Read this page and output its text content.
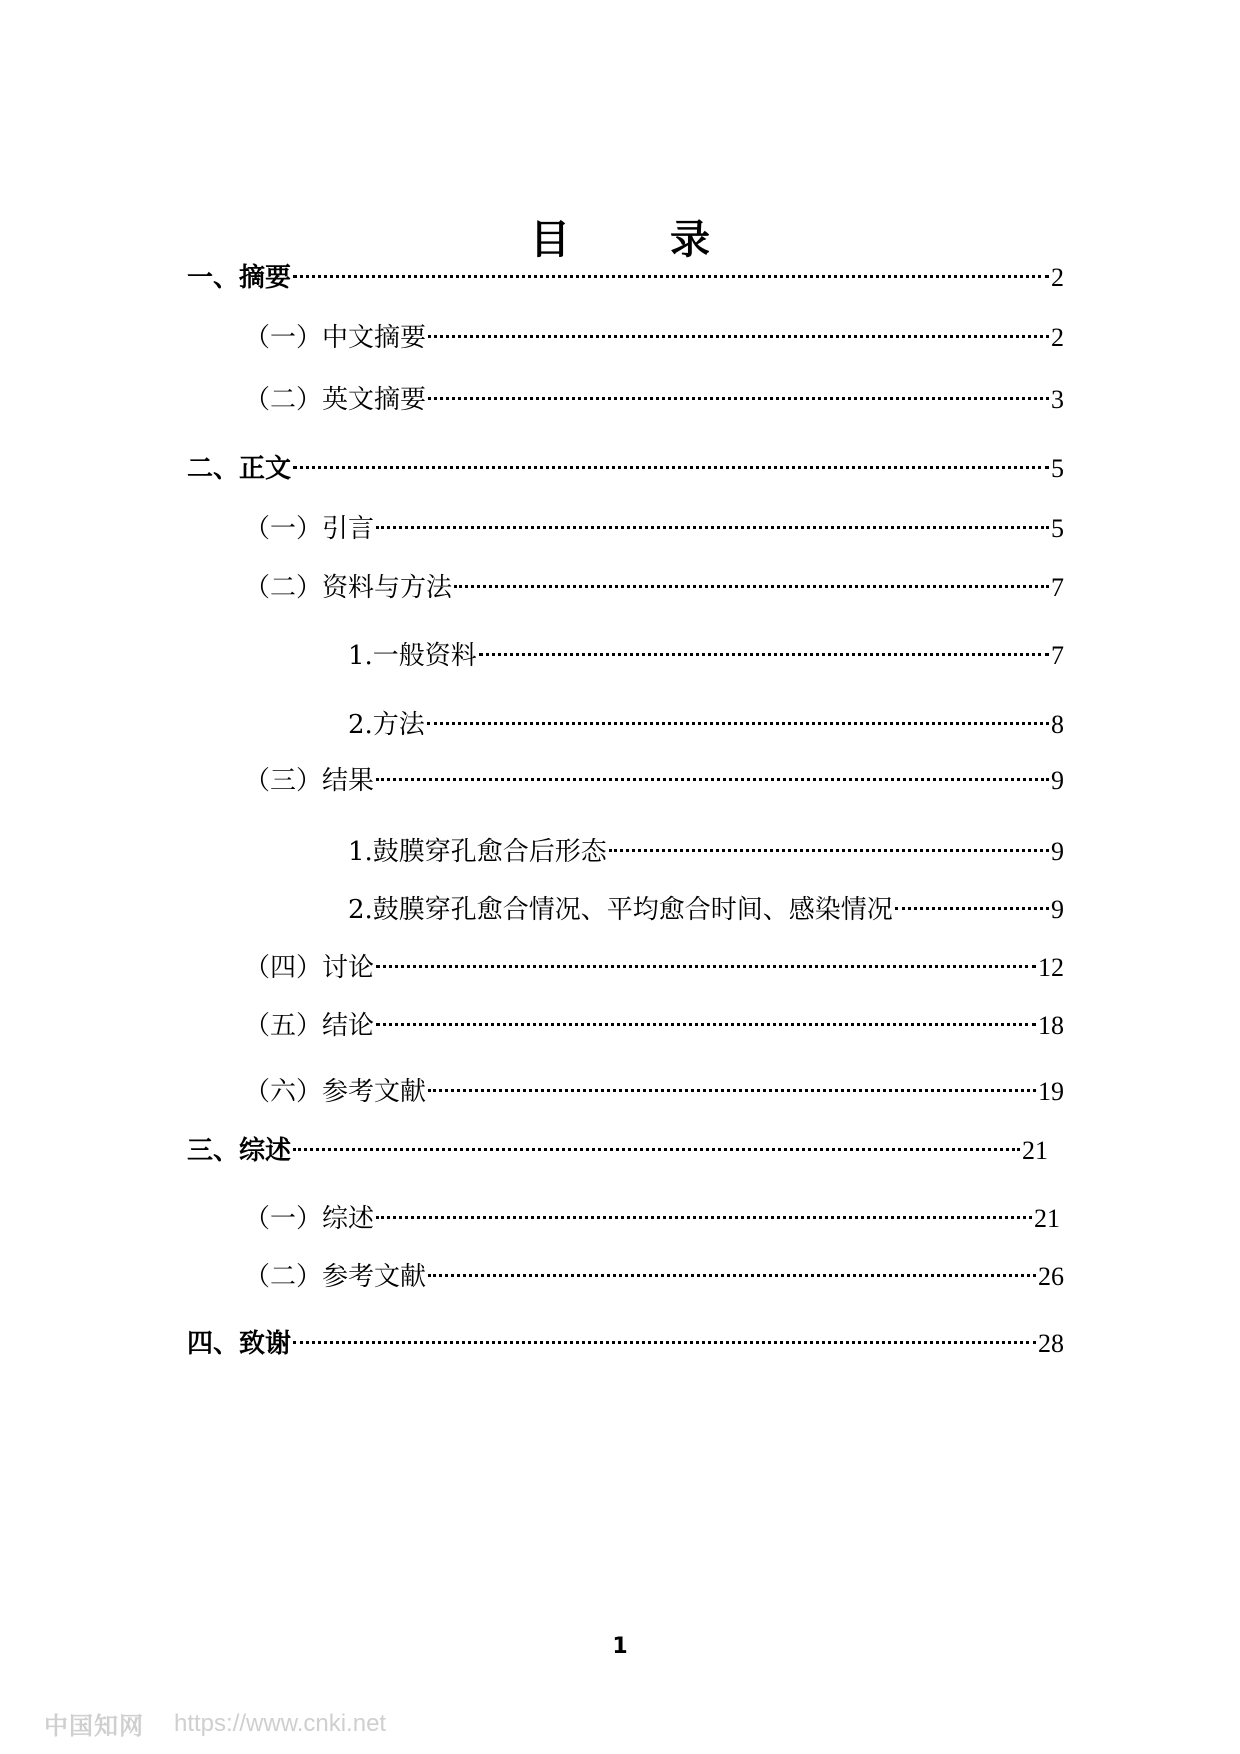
目　录
一、摘要	2
（一）中文摘要	2
（二）英文摘要	3
二、正文	5
（一）引言	5
（二）资料与方法	7
1.一般资料	7
2.方法	8
（三）结果	9
1.鼓膜穿孔愈合后形态	9
2.鼓膜穿孔愈合情况、平均愈合时间、感染情况	9
（四）讨论	12
（五）结论	18
（六）参考文献	19
三、综述	21
（一）综述	21
（二）参考文献	26
四、致谢	28
1
中国知网 https://www.cnki.net
